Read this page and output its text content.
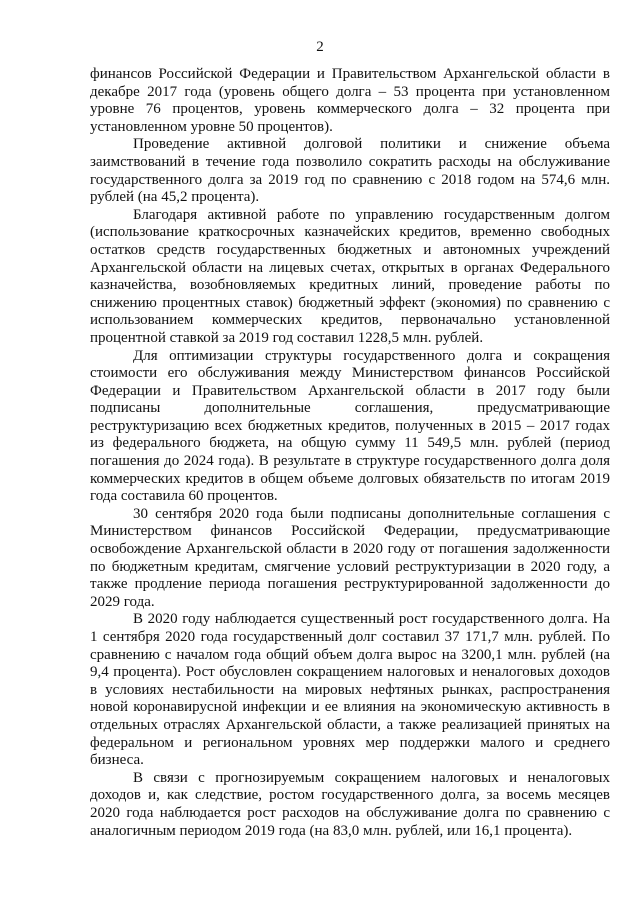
2

финансов Российской Федерации и Правительством Архангельской области в декабре 2017 года (уровень общего долга – 53 процента при установленном уровне 76 процентов, уровень коммерческого долга – 32 процента при установленном уровне 50 процентов).

Проведение активной долговой политики и снижение объема заимствований в течение года позволило сократить расходы на обслуживание государственного долга за 2019 год по сравнению с 2018 годом на 574,6 млн. рублей (на 45,2 процента).

Благодаря активной работе по управлению государственным долгом (использование краткосрочных казначейских кредитов, временно свободных остатков средств государственных бюджетных и автономных учреждений Архангельской области на лицевых счетах, открытых в органах Федерального казначейства, возобновляемых кредитных линий, проведение работы по снижению процентных ставок) бюджетный эффект (экономия) по сравнению с использованием коммерческих кредитов, первоначально установленной процентной ставкой за 2019 год составил 1228,5 млн. рублей.

Для оптимизации структуры государственного долга и сокращения стоимости его обслуживания между Министерством финансов Российской Федерации и Правительством Архангельской области в 2017 году были подписаны дополнительные соглашения, предусматривающие реструктуризацию всех бюджетных кредитов, полученных в 2015 – 2017 годах из федерального бюджета, на общую сумму 11 549,5 млн. рублей (период погашения до 2024 года). В результате в структуре государственного долга доля коммерческих кредитов в общем объеме долговых обязательств по итогам 2019 года составила 60 процентов.

30 сентября 2020 года были подписаны дополнительные соглашения с Министерством финансов Российской Федерации, предусматривающие освобождение Архангельской области в 2020 году от погашения задолженности по бюджетным кредитам, смягчение условий реструктуризации в 2020 году, а также продление периода погашения реструктурированной задолженности до 2029 года.

В 2020 году наблюдается существенный рост государственного долга. На 1 сентября 2020 года государственный долг составил 37 171,7 млн. рублей. По сравнению с началом года общий объем долга вырос на 3200,1 млн. рублей (на 9,4 процента). Рост обусловлен сокращением налоговых и неналоговых доходов в условиях нестабильности на мировых нефтяных рынках, распространения новой коронавирусной инфекции и ее влияния на экономическую активность в отдельных отраслях Архангельской области, а также реализацией принятых на федеральном и региональном уровнях мер поддержки малого и среднего бизнеса.

В связи с прогнозируемым сокращением налоговых и неналоговых доходов и, как следствие, ростом государственного долга, за восемь месяцев 2020 года наблюдается рост расходов на обслуживание долга по сравнению с аналогичным периодом 2019 года (на 83,0 млн. рублей, или 16,1 процента).
